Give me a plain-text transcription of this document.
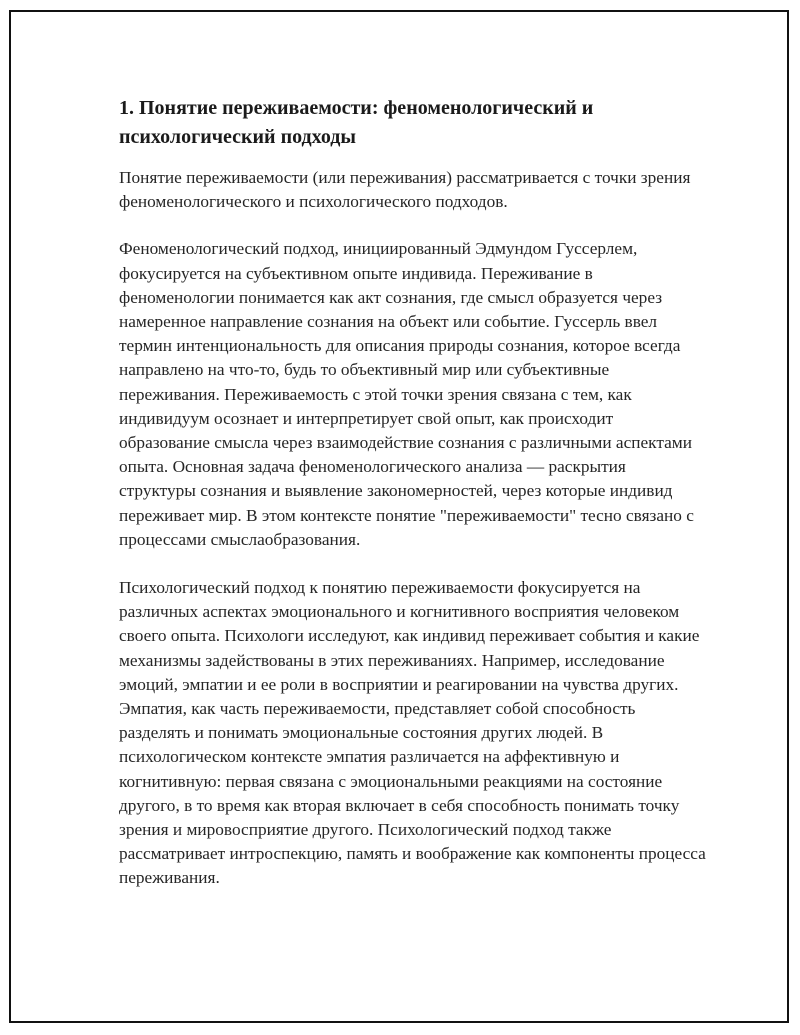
1. Понятие переживаемости: феноменологический и психологический подходы

Понятие переживаемости (или переживания) рассматривается с точки зрения феноменологического и психологического подходов.

Феноменологический подход, инициированный Эдмундом Гуссерлем, фокусируется на субъективном опыте индивида. Переживание в феноменологии понимается как акт сознания, где смысл образуется через намеренное направление сознания на объект или событие. Гуссерль ввел термин интенциональность для описания природы сознания, которое всегда направлено на что-то, будь то объективный мир или субъективные переживания. Переживаемость с этой точки зрения связана с тем, как индивидуум осознает и интерпретирует свой опыт, как происходит образование смысла через взаимодействие сознания с различными аспектами опыта. Основная задача феноменологического анализа — раскрытия структуры сознания и выявление закономерностей, через которые индивид переживает мир. В этом контексте понятие "переживаемости" тесно связано с процессами смыслаобразования.

Психологический подход к понятию переживаемости фокусируется на различных аспектах эмоционального и когнитивного восприятия человеком своего опыта. Психологи исследуют, как индивид переживает события и какие механизмы задействованы в этих переживаниях. Например, исследование эмоций, эмпатии и ее роли в восприятии и реагировании на чувства других. Эмпатия, как часть переживаемости, представляет собой способность разделять и понимать эмоциональные состояния других людей. В психологическом контексте эмпатия различается на аффективную и когнитивную: первая связана с эмоциональными реакциями на состояние другого, в то время как вторая включает в себя способность понимать точку зрения и мировосприятие другого. Психологический подход также рассматривает интроспекцию, память и воображение как компоненты процесса переживания.
